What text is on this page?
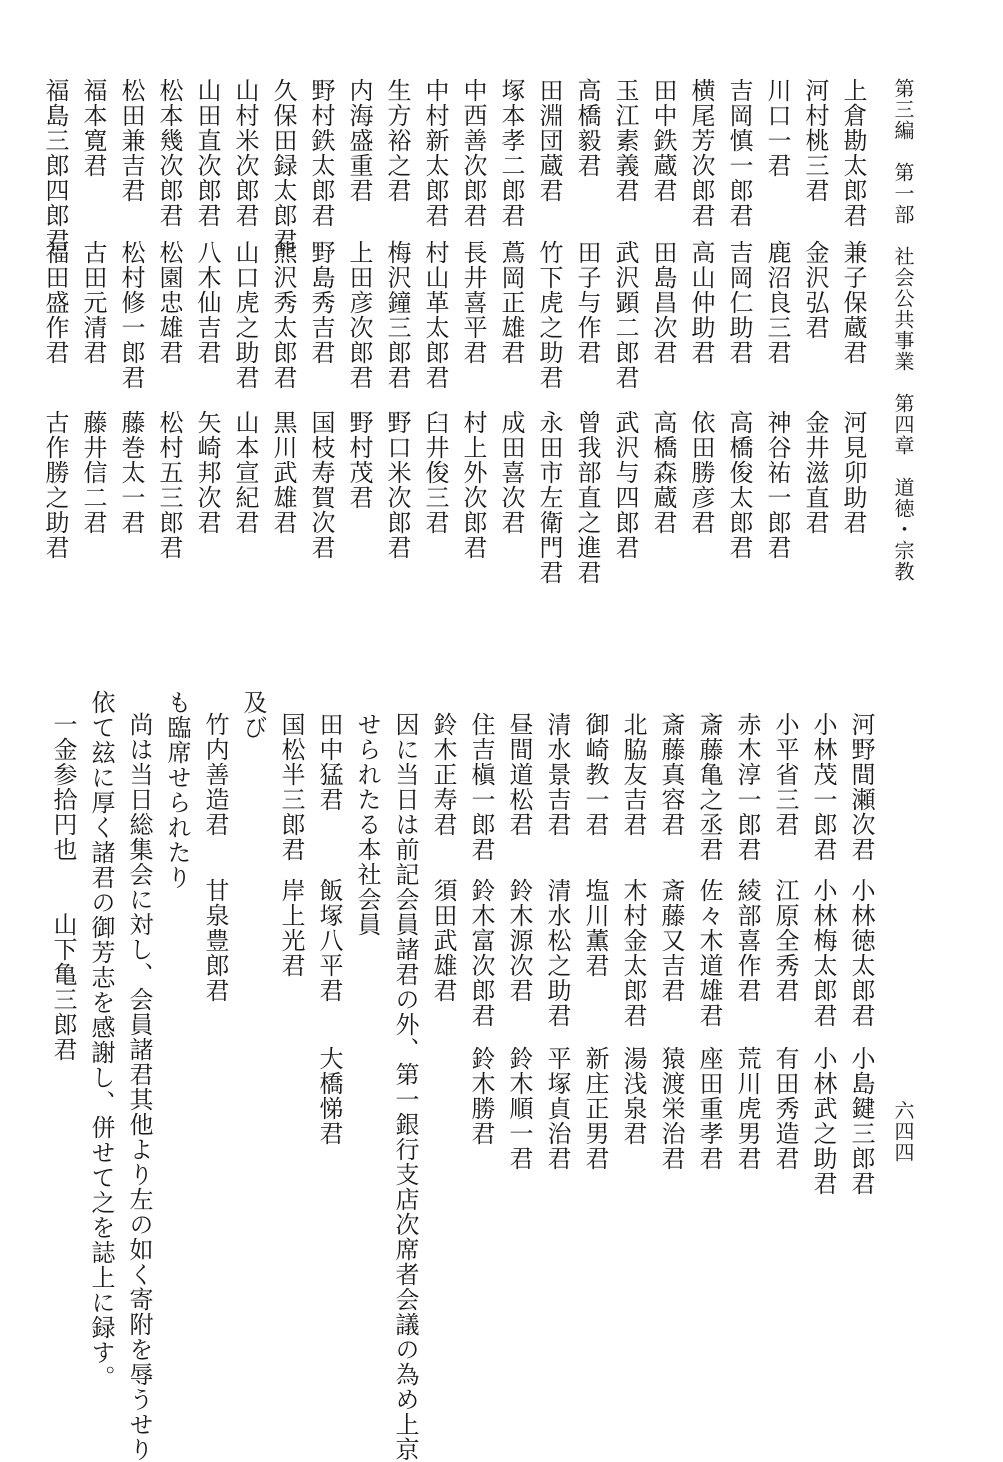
第三編　第一部　社会公共事業　第四章　道徳・宗教
六四四
上倉勘太郎君
兼子保蔵君
河見卯助君
河村桃三君
金沢弘君
金井滋直君
川口一君
鹿沼良三君
神谷祐一郎君
吉岡慎一郎君
吉岡仁助君
高橋俊太郎君
横尾芳次郎君
高山仲助君
依田勝彦君
田中鉄蔵君
田島昌次君
高橋森蔵君
玉江素義君
武沢顕二郎君
武沢与四郎君
高橋毅君
田子与作君
曾我部直之進君
田淵団蔵君
竹下虎之助君
永田市左衛門君
塚本孝二郎君
蔦岡正雄君
成田喜次君
中西善次郎君
長井喜平君
村上外次郎君
中村新太郎君
村山革太郎君
臼井俊三君
生方裕之君
梅沢鐘三郎君
野口米次郎君
内海盛重君
上田彦次郎君
野村茂君
野村鉄太郎君
野島秀吉君
国枝寿賀次君
久保田録太郎君
熊沢秀太郎君
黒川武雄君
山村米次郎君
山口虎之助君
山本宣紀君
山田直次郎君
八木仙吉君
矢崎邦次君
松本幾次郎君
松園忠雄君
松村五三郎君
松田兼吉君
松村修一郎君
藤巻太一君
福本寛君
古田元清君
藤井信二君
福島三郎四郎君
福田盛作君
古作勝之助君
河野間瀬次君
小林徳太郎君
小島鍵三郎君
小林茂一郎君
小林梅太郎君
小林武之助君
小平省三君
江原全秀君
有田秀造君
赤木淳一郎君
綾部喜作君
荒川虎男君
斎藤亀之丞君
佐々木道雄君
座田重孝君
斎藤真容君
斎藤又吉君
猿渡栄治君
北脇友吉君
木村金太郎君
湯浅泉君
御崎教一君
塩川薫君
新庄正男君
清水景吉君
清水松之助君
平塚貞治君
昼間道松君
鈴木源次君
鈴木順一君
住吉槇一郎君
鈴木富次郎君
鈴木勝君
鈴木正寿君
須田武雄君
因に当日は前記会員諸君の外、第一銀行支店次席者会議の為め上京
せられたる本社会員
田中猛君
飯塚八平君
大橋悌君
国松半三郎君
岸上光君
及び
竹内善造君
甘泉豊郎君
も臨席せられたり
尚は当日総集会に対し、会員諸君其他より左の如く寄附を辱うせり
依て玆に厚く諸君の御芳志を感謝し、併せて之を誌上に録す。
一金参拾円也
山下亀三郎君
